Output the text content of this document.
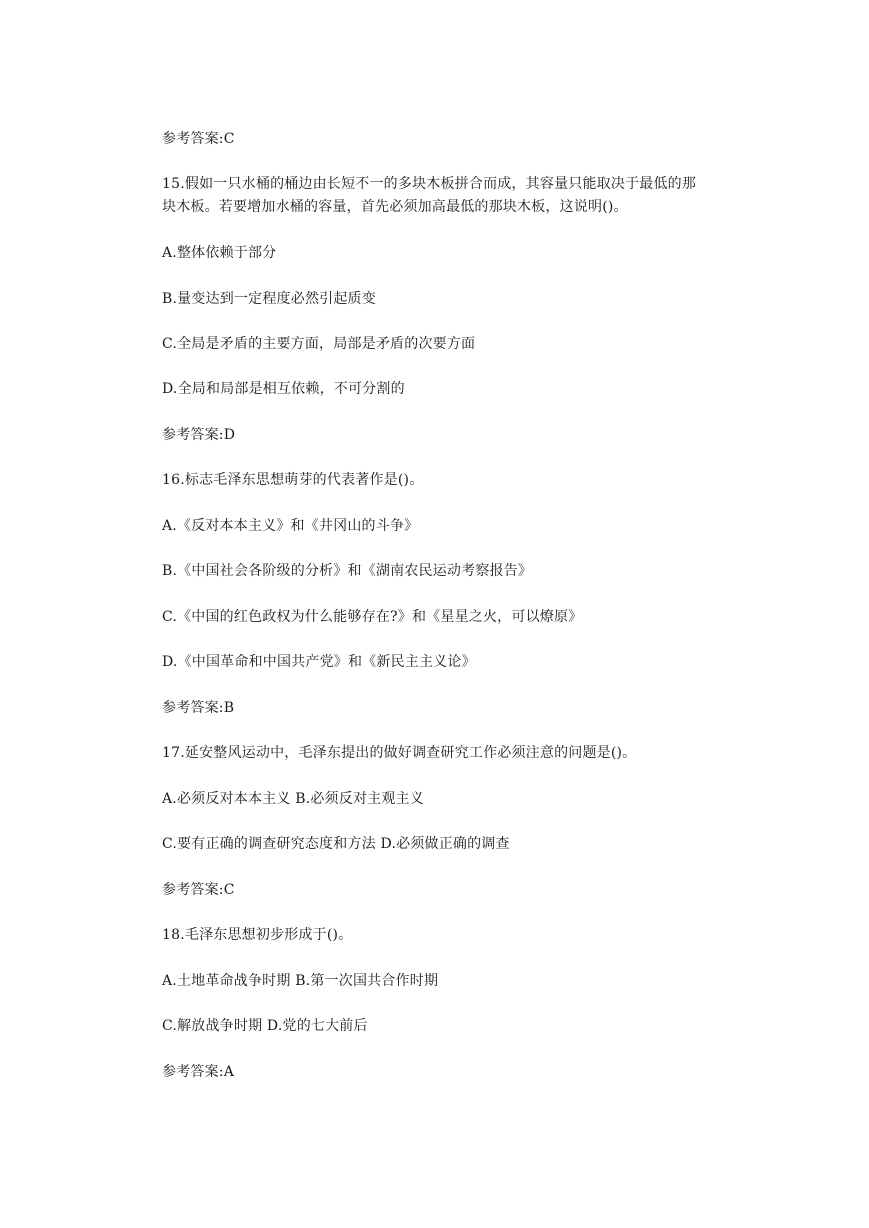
参考答案:C
15.假如一只水桶的桶边由长短不一的多块木板拼合而成，其容量只能取决于最低的那
块木板。若要增加水桶的容量，首先必须加高最低的那块木板，这说明()。
A.整体依赖于部分
B.量变达到一定程度必然引起质变
C.全局是矛盾的主要方面，局部是矛盾的次要方面
D.全局和局部是相互依赖，不可分割的
参考答案:D
16.标志毛泽东思想萌芽的代表著作是()。
A.《反对本本主义》和《井冈山的斗争》
B.《中国社会各阶级的分析》和《湖南农民运动考察报告》
C.《中国的红色政权为什么能够存在?》和《星星之火，可以燎原》
D.《中国革命和中国共产党》和《新民主主义论》
参考答案:B
17.延安整风运动中，毛泽东提出的做好调查研究工作必须注意的问题是()。
A.必须反对本本主义 B.必须反对主观主义
C.要有正确的调查研究态度和方法 D.必须做正确的调查
参考答案:C
18.毛泽东思想初步形成于()。
A.土地革命战争时期 B.第一次国共合作时期
C.解放战争时期 D.党的七大前后
参考答案:A
